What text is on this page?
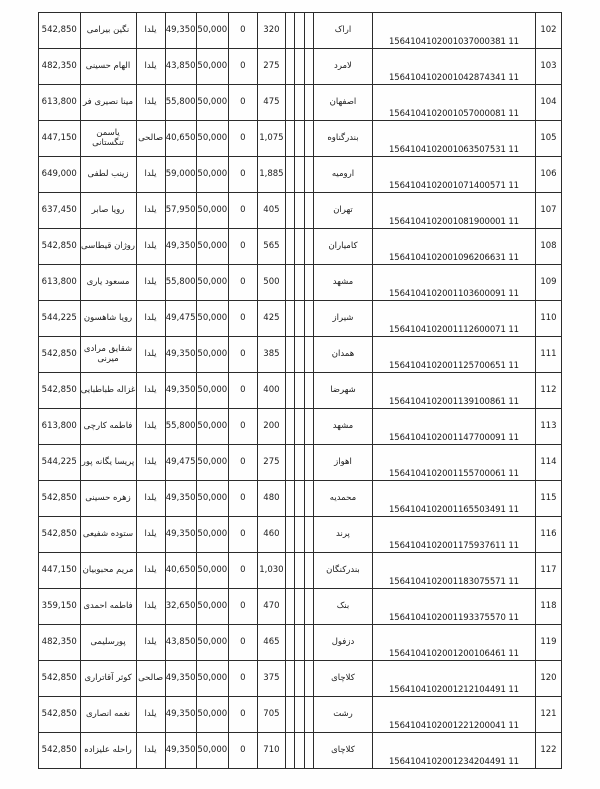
542,850	نگین بیرامی	یلدا	49,350	50,000	0	320				اراک	1564104102001037000381 11	102
482,350	الهام حسینی	یلدا	43,850	50,000	0	275				لامرد	1564104102001042874341 11	103
613,800	مینا نصیری فر	یلدا	55,800	50,000	0	475				اصفهان	1564104102001057000081 11	104
447,150	یاسمن تنگستانی	صالحی	40,650	50,000	0	1,075				بندرگناوه	1564104102001063507531 11	105
649,000	زینب لطفی	یلدا	59,000	50,000	0	1,885				ارومیه	1564104102001071400571 11	106
637,450	رویا صابر	یلدا	57,950	50,000	0	405				تهران	1564104102001081900001 11	107
542,850	روژان قیطاسی	یلدا	49,350	50,000	0	565				کامیاران	1564104102001096206631 11	108
613,800	مسعود یاری	یلدا	55,800	50,000	0	500				مشهد	1564104102001103600091 11	109
544,225	رویا شاهسون	یلدا	49,475	50,000	0	425				شیراز	1564104102001112600071 11	110
542,850	شقایق مرادی میرنی	یلدا	49,350	50,000	0	385				همدان	1564104102001125700651 11	111
542,850	غزاله طباطبایی	یلدا	49,350	50,000	0	400				شهرضا	1564104102001139100861 11	112
613,800	فاطمه کارچی	یلدا	55,800	50,000	0	200				مشهد	1564104102001147700091 11	113
544,225	پریسا یگانه پور	یلدا	49,475	50,000	0	275				اهواز	1564104102001155700061 11	114
542,850	زهره حسینی	یلدا	49,350	50,000	0	480				محمدیه	1564104102001165503491 11	115
542,850	ستوده شفیعی	یلدا	49,350	50,000	0	460				پرند	1564104102001175937611 11	116
447,150	مریم محبوبیان	یلدا	40,650	50,000	0	1,030				بندرکنگان	1564104102001183075571 11	117
359,150	فاطمه احمدی	یلدا	32,650	50,000	0	470				بنک	1564104102001193375570 11	118
482,350	پورسلیمی	یلدا	43,850	50,000	0	465				دزفول	1564104102001200106461 11	119
542,850	کوثر آقاتراری	صالحی	49,350	50,000	0	375				کلاچای	1564104102001212104491 11	120
542,850	نغمه انصاری	یلدا	49,350	50,000	0	705				رشت	1564104102001221200041 11	121
542,850	راحله علیزاده	یلدا	49,350	50,000	0	710				کلاچای	1564104102001234204491 11	122
